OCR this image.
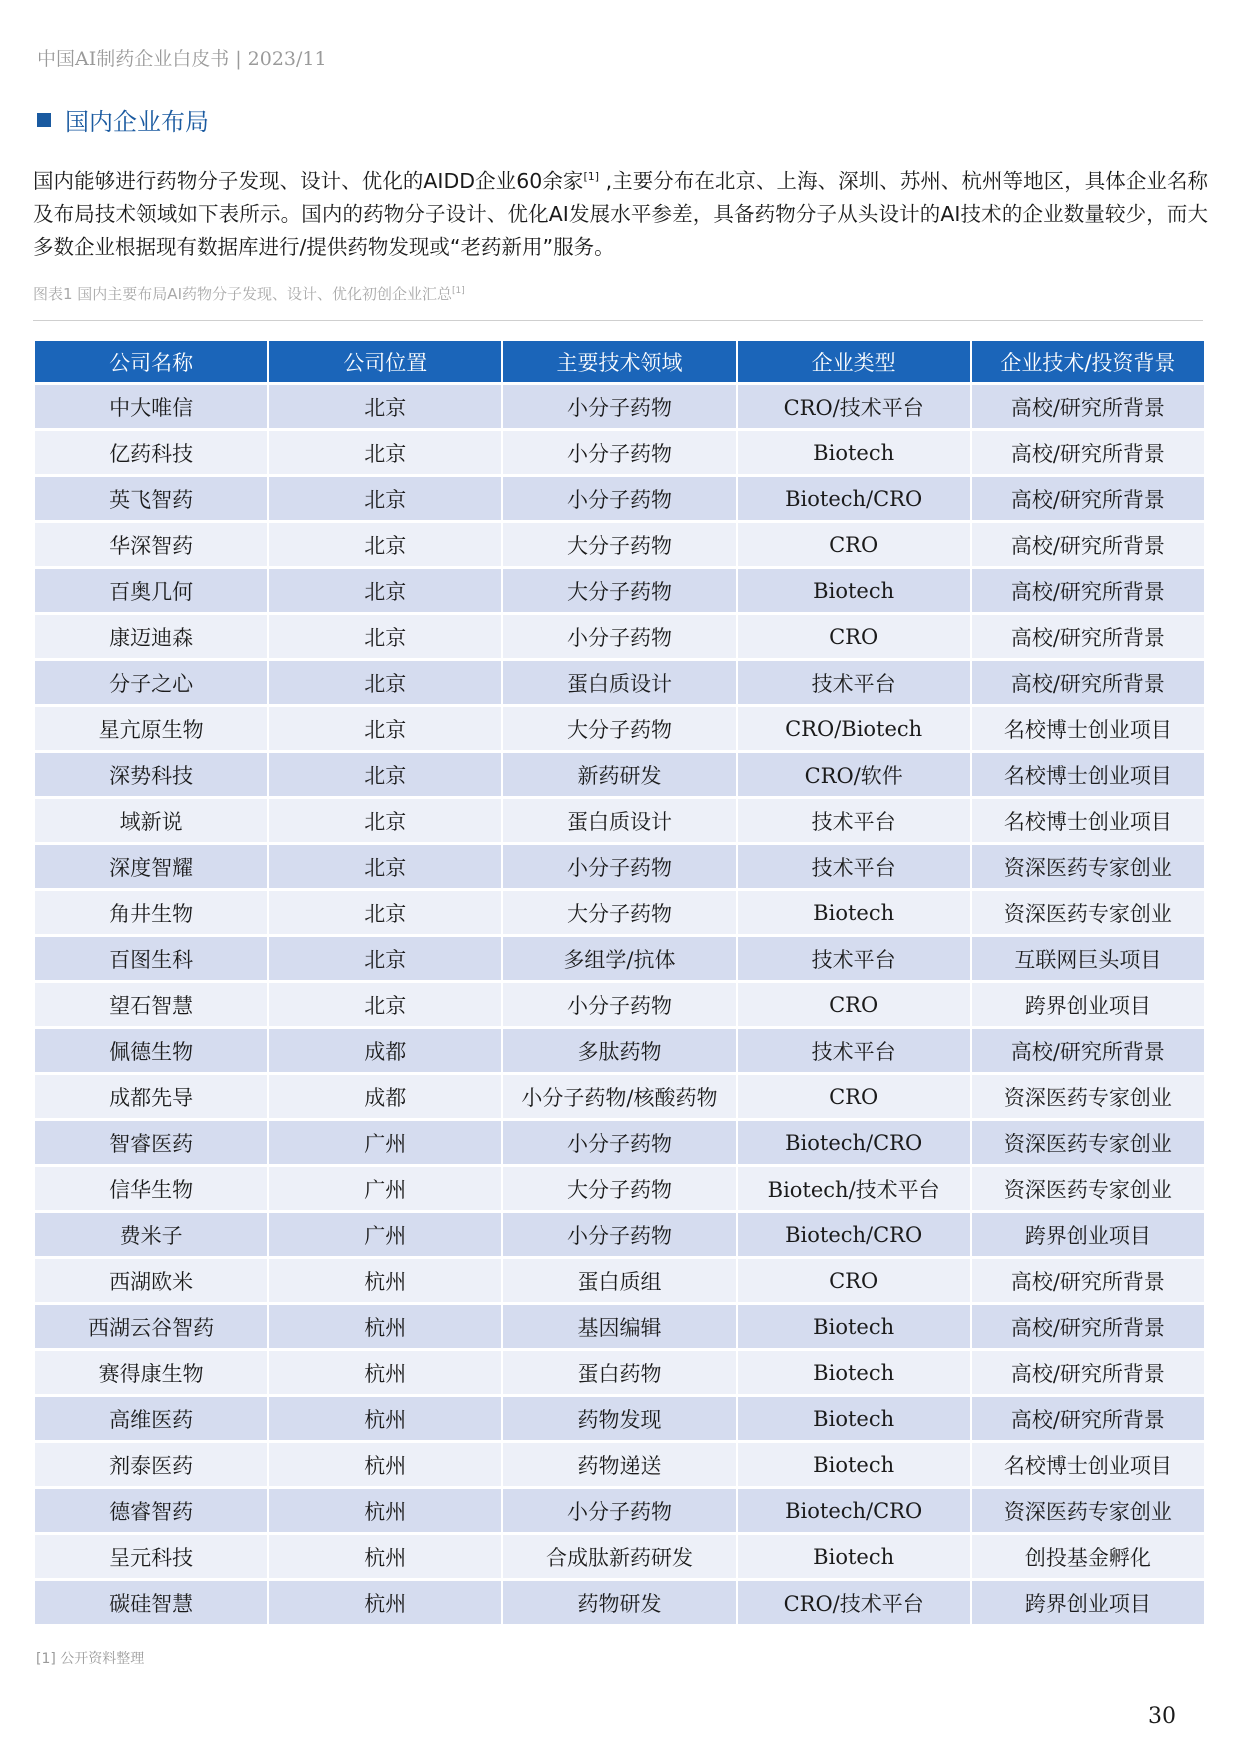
中国AI制药企业白皮书 | 2023/11
国内企业布局

国内能够进行药物分子发现、设计、优化的AIDD企业60余家[1] ,主要分布在北京、上海、深圳、苏州、杭州等地区，具体企业名称及布局技术领域如下表所示。国内的药物分子设计、优化AI发展水平参差，具备药物分子从头设计的AI技术的企业数量较少，而大多数企业根据现有数据库进行/提供药物发现或“老药新用”服务。

图表1 国内主要布局AI药物分子发现、设计、优化初创企业汇总[1]
公司名称	公司位置	主要技术领域	企业类型	企业技术/投资背景
中大唯信	北京	小分子药物	CRO/技术平台	高校/研究所背景
亿药科技	北京	小分子药物	Biotech	高校/研究所背景
英飞智药	北京	小分子药物	Biotech/CRO	高校/研究所背景
华深智药	北京	大分子药物	CRO	高校/研究所背景
百奥几何	北京	大分子药物	Biotech	高校/研究所背景
康迈迪森	北京	小分子药物	CRO	高校/研究所背景
分子之心	北京	蛋白质设计	技术平台	高校/研究所背景
星亢原生物	北京	大分子药物	CRO/Biotech	名校博士创业项目
深势科技	北京	新药研发	CRO/软件	名校博士创业项目
域新说	北京	蛋白质设计	技术平台	名校博士创业项目
深度智耀	北京	小分子药物	技术平台	资深医药专家创业
角井生物	北京	大分子药物	Biotech	资深医药专家创业
百图生科	北京	多组学/抗体	技术平台	互联网巨头项目
望石智慧	北京	小分子药物	CRO	跨界创业项目
佩德生物	成都	多肽药物	技术平台	高校/研究所背景
成都先导	成都	小分子药物/核酸药物	CRO	资深医药专家创业
智睿医药	广州	小分子药物	Biotech/CRO	资深医药专家创业
信华生物	广州	大分子药物	Biotech/技术平台	资深医药专家创业
费米子	广州	小分子药物	Biotech/CRO	跨界创业项目
西湖欧米	杭州	蛋白质组	CRO	高校/研究所背景
西湖云谷智药	杭州	基因编辑	Biotech	高校/研究所背景
赛得康生物	杭州	蛋白药物	Biotech	高校/研究所背景
高维医药	杭州	药物发现	Biotech	高校/研究所背景
剂泰医药	杭州	药物递送	Biotech	名校博士创业项目
德睿智药	杭州	小分子药物	Biotech/CRO	资深医药专家创业
呈元科技	杭州	合成肽新药研发	Biotech	创投基金孵化
碳硅智慧	杭州	药物研发	CRO/技术平台	跨界创业项目
[1] 公开资料整理
30
